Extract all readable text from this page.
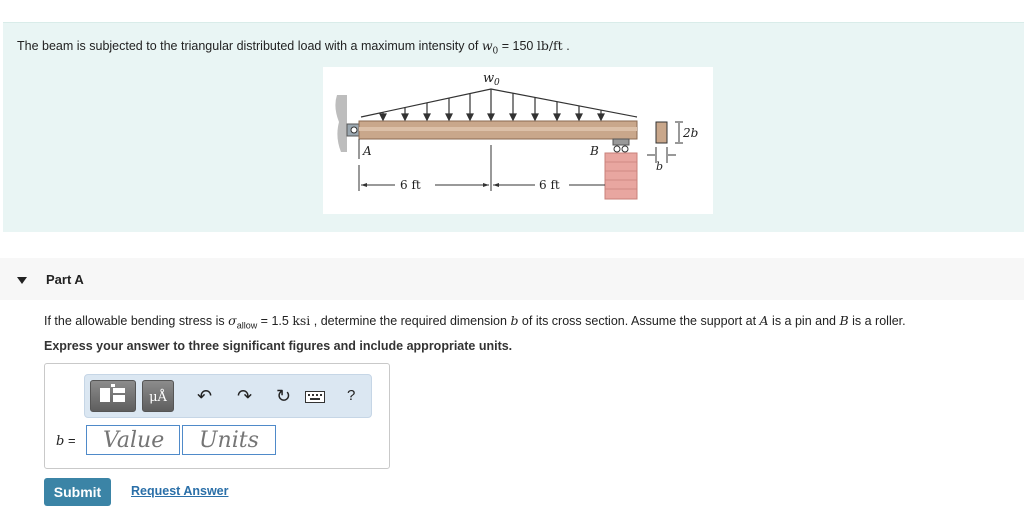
The beam is subjected to the triangular distributed load with a maximum intensity of $w_0 = 150$ lb/ft .
w 0
A	B
6 ft	6 ft
2b
b
Part A
If the allowable bending stress is $\sigma_{allow} = 1.5$ ksi , determine the required dimension b of its cross section. Assume the support at A is a pin and B is a roller.
Express your answer to three significant figures and include appropriate units.
μÅ	↶ ↷ ↻	?
b =
Value
Units
Submit	Request Answer
